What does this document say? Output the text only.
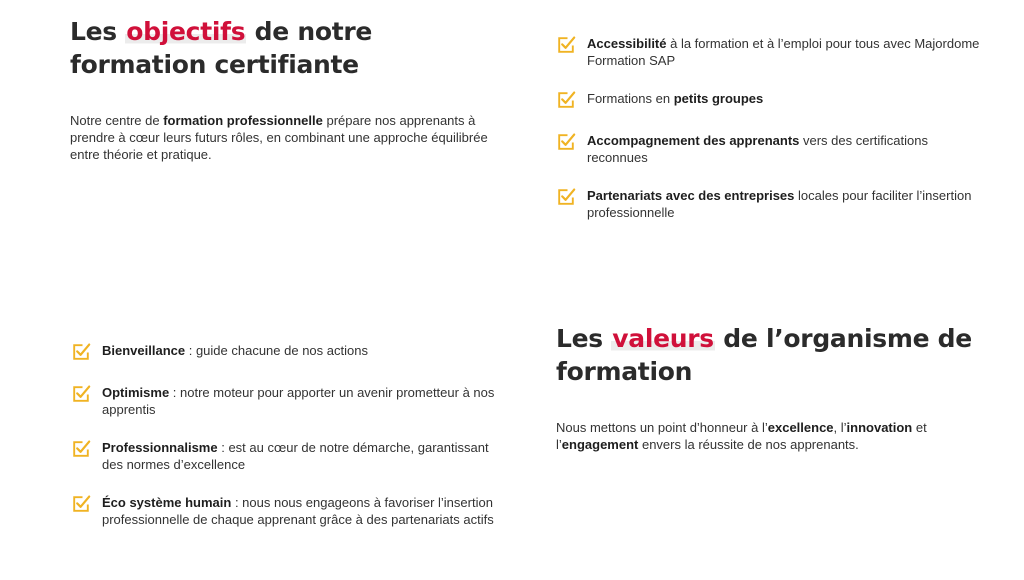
Les objectifs de notre formation certifiante

Notre centre de formation professionnelle prépare nos apprenants à prendre à cœur leurs futurs rôles, en combinant une approche équilibrée entre théorie et pratique.

Accessibilité à la formation et à l’emploi pour tous avec Majordome Formation SAP
Formations en petits groupes
Accompagnement des apprenants vers des certifications reconnues
Partenariats avec des entreprises locales pour faciliter l’insertion professionnelle
Bienveillance : guide chacune de nos actions
Optimisme : notre moteur pour apporter un avenir prometteur à nos apprentis
Professionnalisme : est au cœur de notre démarche, garantissant des normes d’excellence
Éco système humain : nous nous engageons à favoriser l’insertion professionnelle de chaque apprenant grâce à des partenariats actifs
Les valeurs de l’organisme de formation

Nous mettons un point d’honneur à l’excellence, l’innovation et l’engagement envers la réussite de nos apprenants.
